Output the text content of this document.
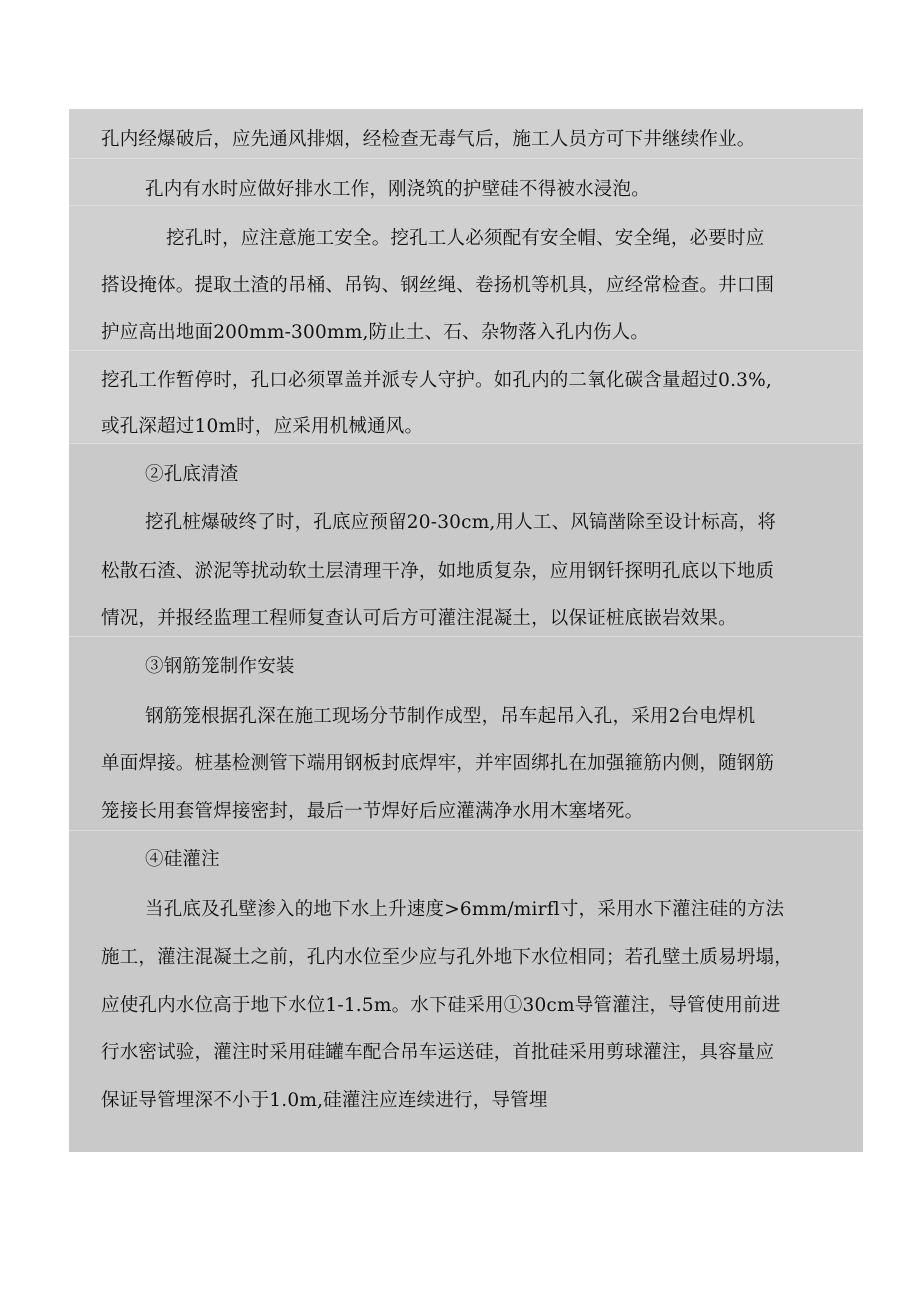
孔内经爆破后，应先通风排烟，经检查无毒气后，施工人员方可下井继续作业。
孔内有水时应做好排水工作，刚浇筑的护壁硅不得被水浸泡。
挖孔时，应注意施工安全。挖孔工人必须配有安全帽、安全绳，必要时应
搭设掩体。提取土渣的吊桶、吊钩、钢丝绳、卷扬机等机具，应经常检查。井口围
护应高出地面200mm-300mm,防止土、石、杂物落入孔内伤人。
挖孔工作暂停时，孔口必须罩盖并派专人守护。如孔内的二氧化碳含量超过0.3%,
或孔深超过10m时，应采用机械通风。
②孔底清渣
挖孔桩爆破终了时，孔底应预留20-30cm,用人工、风镐凿除至设计标高，将
松散石渣、淤泥等扰动软土层清理干净，如地质复杂，应用钢钎探明孔底以下地质
情况，并报经监理工程师复查认可后方可灌注混凝土，以保证桩底嵌岩效果。
③钢筋笼制作安装
钢筋笼根据孔深在施工现场分节制作成型，吊车起吊入孔，采用2台电焊机
单面焊接。桩基检测管下端用钢板封底焊牢，并牢固绑扎在加强箍筋内侧，随钢筋
笼接长用套管焊接密封，最后一节焊好后应灌满净水用木塞堵死。
④硅灌注
当孔底及孔壁渗入的地下水上升速度>6mm/mirfl寸，采用水下灌注硅的方法
施工，灌注混凝土之前，孔内水位至少应与孔外地下水位相同；若孔壁土质易坍塌，
应使孔内水位高于地下水位1-1.5m。水下硅采用①30cm导管灌注，导管使用前进
行水密试验，灌注时采用硅罐车配合吊车运送硅，首批硅采用剪球灌注，具容量应
保证导管埋深不小于1.0m,硅灌注应连续进行，导管埋
